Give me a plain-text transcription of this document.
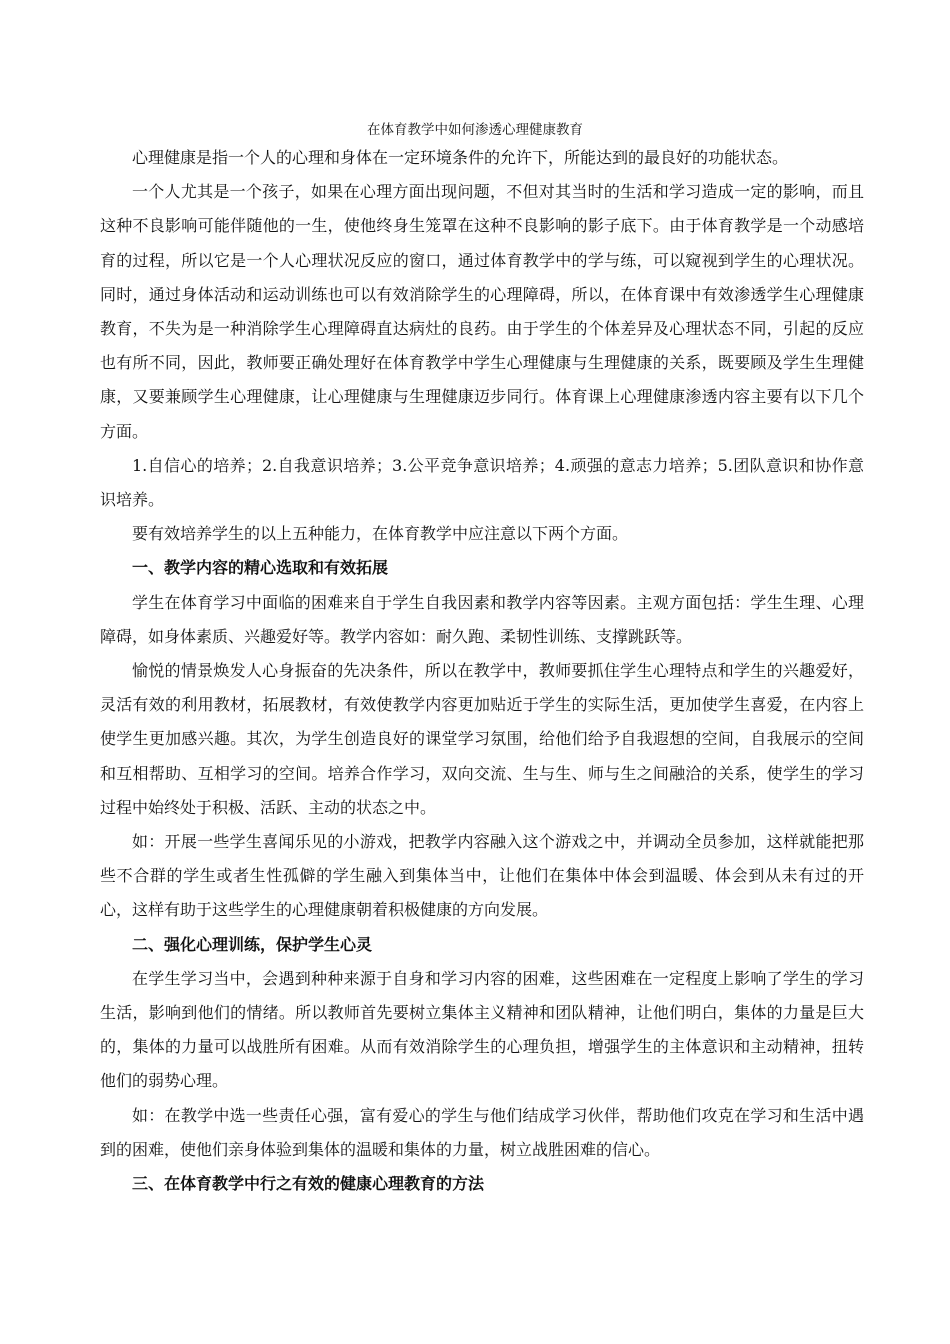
在体育教学中如何渗透心理健康教育

心理健康是指一个人的心理和身体在一定环境条件的允许下，所能达到的最良好的功能状态。

一个人尤其是一个孩子，如果在心理方面出现问题，不但对其当时的生活和学习造成一定的影响，而且这种不良影响可能伴随他的一生，使他终身生笼罩在这种不良影响的影子底下。由于体育教学是一个动感培育的过程，所以它是一个人心理状况反应的窗口，通过体育教学中的学与练，可以窥视到学生的心理状况。同时，通过身体活动和运动训练也可以有效消除学生的心理障碍，所以，在体育课中有效渗透学生心理健康教育，不失为是一种消除学生心理障碍直达病灶的良药。由于学生的个体差异及心理状态不同，引起的反应也有所不同，因此，教师要正确处理好在体育教学中学生心理健康与生理健康的关系，既要顾及学生生理健康，又要兼顾学生心理健康，让心理健康与生理健康迈步同行。体育课上心理健康渗透内容主要有以下几个方面。

1.自信心的培养；2.自我意识培养；3.公平竞争意识培养；4.顽强的意志力培养；5.团队意识和协作意识培养。

要有效培养学生的以上五种能力，在体育教学中应注意以下两个方面。

一、教学内容的精心选取和有效拓展

学生在体育学习中面临的困难来自于学生自我因素和教学内容等因素。主观方面包括：学生生理、心理障碍，如身体素质、兴趣爱好等。教学内容如：耐久跑、柔韧性训练、支撑跳跃等。

愉悦的情景焕发人心身振奋的先决条件，所以在教学中，教师要抓住学生心理特点和学生的兴趣爱好，灵活有效的利用教材，拓展教材，有效使教学内容更加贴近于学生的实际生活，更加使学生喜爱，在内容上使学生更加感兴趣。其次，为学生创造良好的课堂学习氛围，给他们给予自我遐想的空间，自我展示的空间和互相帮助、互相学习的空间。培养合作学习，双向交流、生与生、师与生之间融洽的关系，使学生的学习过程中始终处于积极、活跃、主动的状态之中。

如：开展一些学生喜闻乐见的小游戏，把教学内容融入这个游戏之中，并调动全员参加，这样就能把那些不合群的学生或者生性孤僻的学生融入到集体当中，让他们在集体中体会到温暖、体会到从未有过的开心，这样有助于这些学生的心理健康朝着积极健康的方向发展。

二、强化心理训练，保护学生心灵

在学生学习当中，会遇到种种来源于自身和学习内容的困难，这些困难在一定程度上影响了学生的学习生活，影响到他们的情绪。所以教师首先要树立集体主义精神和团队精神，让他们明白，集体的力量是巨大的，集体的力量可以战胜所有困难。从而有效消除学生的心理负担，增强学生的主体意识和主动精神，扭转他们的弱势心理。

如：在教学中选一些责任心强，富有爱心的学生与他们结成学习伙伴，帮助他们攻克在学习和生活中遇到的困难，使他们亲身体验到集体的温暖和集体的力量，树立战胜困难的信心。

三、在体育教学中行之有效的健康心理教育的方法
